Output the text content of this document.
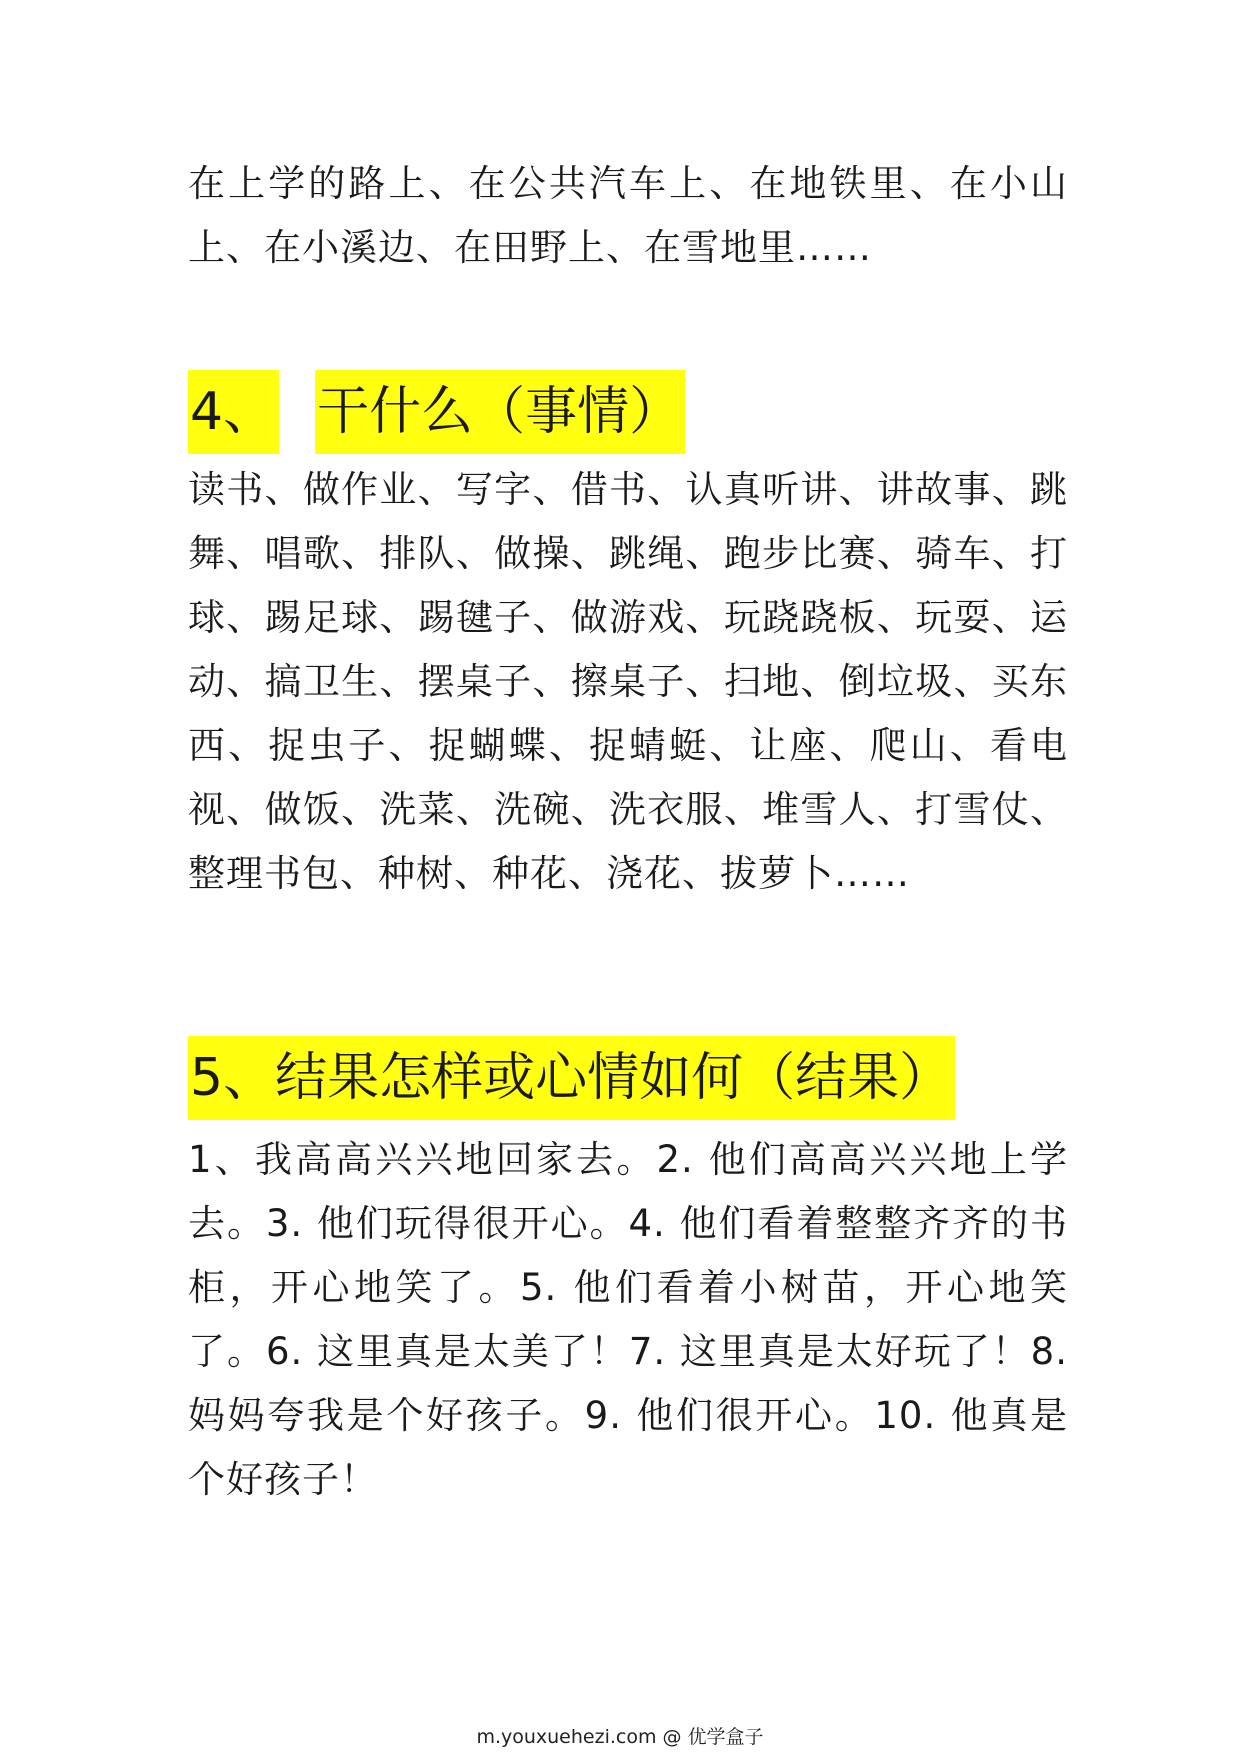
在上学的路上、在公共汽车上、在地铁里、在小山上、在小溪边、在田野上、在雪地里……

4、 干什么（事情）

读书、做作业、写字、借书、认真听讲、讲故事、跳舞、唱歌、排队、做操、跳绳、跑步比赛、骑车、打球、踢足球、踢毽子、做游戏、玩跷跷板、玩耍、运动、搞卫生、摆桌子、擦桌子、扫地、倒垃圾、买东西、捉虫子、捉蝴蝶、捉蜻蜓、让座、爬山、看电视、做饭、洗菜、洗碗、洗衣服、堆雪人、打雪仗、整理书包、种树、种花、浇花、拔萝卜……

5、结果怎样或心情如何（结果）

1、我高高兴兴地回家去。2. 他们高高兴兴地上学去。3. 他们玩得很开心。4. 他们看着整整齐齐的书柜，开心地笑了。5. 他们看着小树苗，开心地笑了。6. 这里真是太美了！7. 这里真是太好玩了！8. 妈妈夸我是个好孩子。9. 他们很开心。10. 他真是个好孩子！

m.youxuehezi.com @ 优学盒子
